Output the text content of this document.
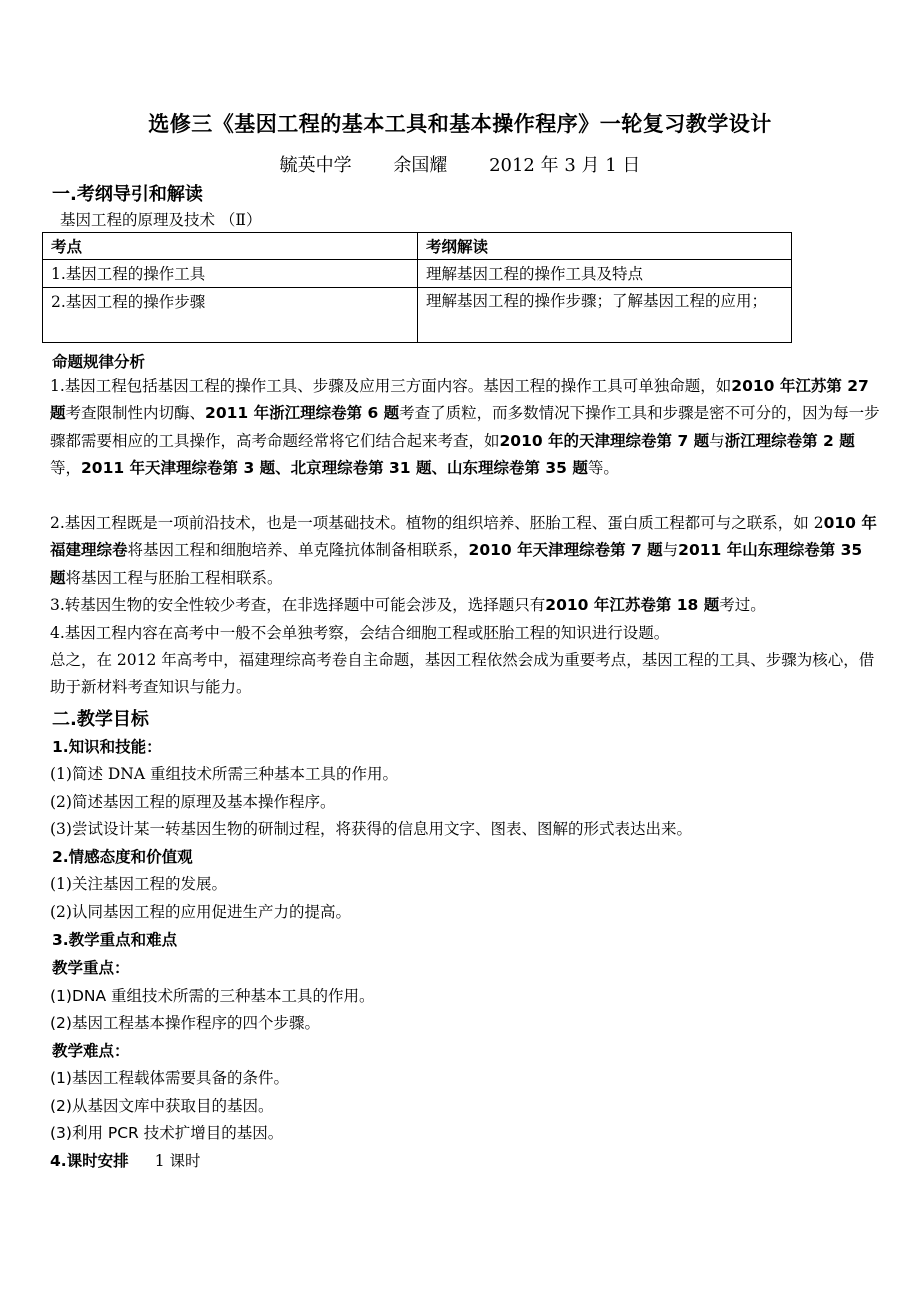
选修三《基因工程的基本工具和基本操作程序》一轮复习教学设计
毓英中学 余国耀 2012 年 3 月 1 日
一.考纲导引和解读
基因工程的原理及技术 （Ⅱ）
考点	考纲解读
1.基因工程的操作工具	理解基因工程的操作工具及特点
2.基因工程的操作步骤	理解基因工程的操作步骤；了解基因工程的应用；
命题规律分析
1.基因工程包括基因工程的操作工具、步骤及应用三方面内容。基因工程的操作工具可单独命题，如2010 年江苏第 27 题考查限制性内切酶、2011 年浙江理综卷第 6 题考查了质粒，而多数情况下操作工具和步骤是密不可分的，因为每一步骤都需要相应的工具操作，高考命题经常将它们结合起来考查，如2010 年的天津理综卷第 7 题与浙江理综卷第 2 题等，2011 年天津理综卷第 3 题、北京理综卷第 31 题、山东理综卷第 35 题等。
2.基因工程既是一项前沿技术，也是一项基础技术。植物的组织培养、胚胎工程、蛋白质工程都可与之联系，如 2010 年福建理综卷将基因工程和细胞培养、单克隆抗体制备相联系，2010 年天津理综卷第 7 题与2011 年山东理综卷第 35 题将基因工程与胚胎工程相联系。
3.转基因生物的安全性较少考查，在非选择题中可能会涉及，选择题只有2010 年江苏卷第 18 题考过。
4.基因工程内容在高考中一般不会单独考察，会结合细胞工程或胚胎工程的知识进行设题。
总之，在 2012 年高考中，福建理综高考卷自主命题，基因工程依然会成为重要考点，基因工程的工具、步骤为核心，借助于新材料考查知识与能力。
二.教学目标
1.知识和技能：
(1)简述 DNA 重组技术所需三种基本工具的作用。
(2)简述基因工程的原理及基本操作程序。
(3)尝试设计某一转基因生物的研制过程，将获得的信息用文字、图表、图解的形式表达出来。
2.情感态度和价值观
(1)关注基因工程的发展。
(2)认同基因工程的应用促进生产力的提高。
3.教学重点和难点
教学重点：
(1)DNA 重组技术所需的三种基本工具的作用。
(2)基因工程基本操作程序的四个步骤。
教学难点：
(1)基因工程载体需要具备的条件。
(2)从基因文库中获取目的基因。
(3)利用 PCR 技术扩增目的基因。
4.课时安排 1 课时
